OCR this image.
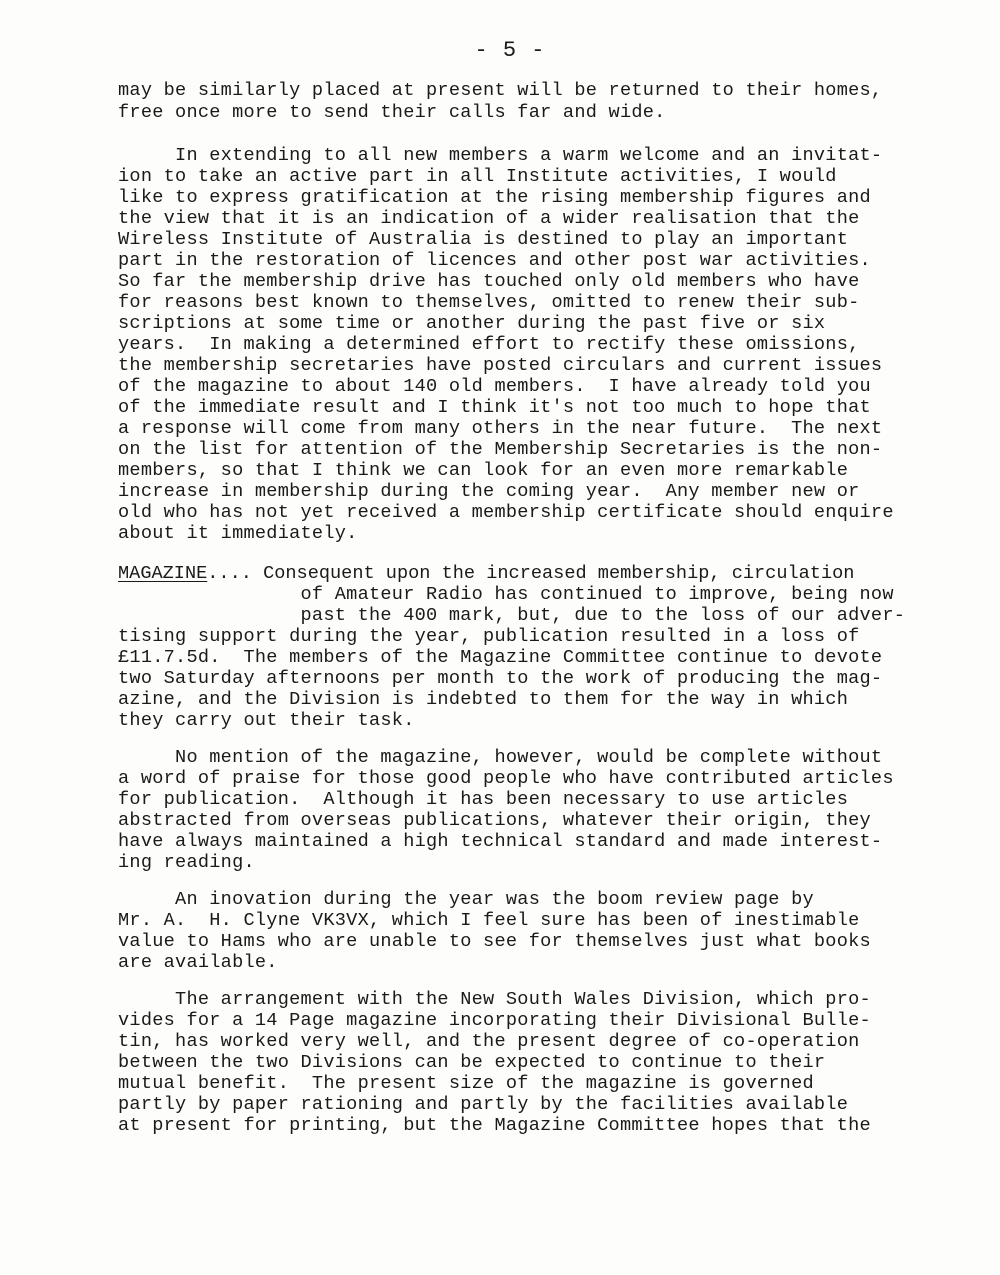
- 5 -
may be similarly placed at present will be returned to their homes,
free once more to send their calls far and wide.
In extending to all new members a warm welcome and an invitat-
ion to take an active part in all Institute activities, I would
like to express gratification at the rising membership figures and
the view that it is an indication of a wider realisation that the
Wireless Institute of Australia is destined to play an important
part in the restoration of licences and other post war activities.
So far the membership drive has touched only old members who have
for reasons best known to themselves, omitted to renew their sub-
scriptions at some time or another during the past five or six
years.  In making a determined effort to rectify these omissions,
the membership secretaries have posted circulars and current issues
of the magazine to about 140 old members.  I have already told you
of the immediate result and I think it's not too much to hope that
a response will come from many others in the near future.  The next
on the list for attention of the Membership Secretaries is the non-
members, so that I think we can look for an even more remarkable
increase in membership during the coming year.  Any member new or
old who has not yet received a membership certificate should enquire
about it immediately.
MAGAZINE.... Consequent upon the increased membership, circulation
of Amateur Radio has continued to improve, being now
past the 400 mark, but, due to the loss of our adver-
tising support during the year, publication resulted in a loss of
£11.7.5d.  The members of the Magazine Committee continue to devote
two Saturday afternoons per month to the work of producing the mag-
azine, and the Division is indebted to them for the way in which
they carry out their task.
No mention of the magazine, however, would be complete without
a word of praise for those good people who have contributed articles
for publication.  Although it has been necessary to use articles
abstracted from overseas publications, whatever their origin, they
have always maintained a high technical standard and made interest-
ing reading.
An inovation during the year was the boom review page by
Mr. A.  H. Clyne VK3VX, which I feel sure has been of inestimable
value to Hams who are unable to see for themselves just what books
are available.
The arrangement with the New South Wales Division, which pro-
vides for a 14 Page magazine incorporating their Divisional Bulle-
tin, has worked very well, and the present degree of co-operation
between the two Divisions can be expected to continue to their
mutual benefit.  The present size of the magazine is governed
partly by paper rationing and partly by the facilities available
at present for printing, but the Magazine Committee hopes that the
